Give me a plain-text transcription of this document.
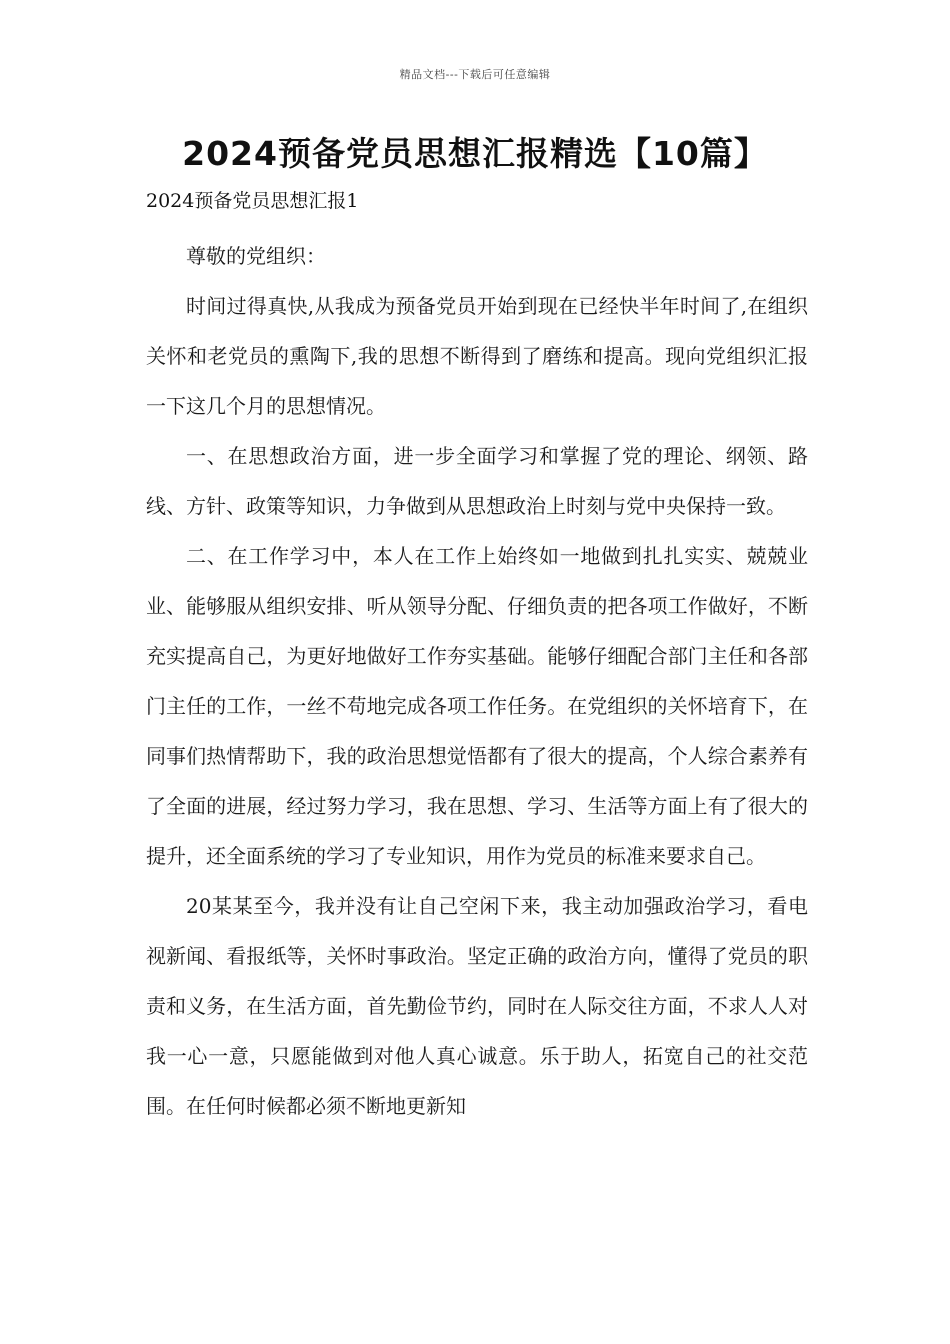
精品文档---下载后可任意编辑
2024预备党员思想汇报精选【10篇】
2024预备党员思想汇报1

尊敬的党组织：

时间过得真快,从我成为预备党员开始到现在已经快半年时间了,在组织关怀和老党员的熏陶下,我的思想不断得到了磨练和提高。现向党组织汇报一下这几个月的思想情况。

一、在思想政治方面，进一步全面学习和掌握了党的理论、纲领、路线、方针、政策等知识，力争做到从思想政治上时刻与党中央保持一致。

二、在工作学习中，本人在工作上始终如一地做到扎扎实实、兢兢业业、能够服从组织安排、听从领导分配、仔细负责的把各项工作做好，不断充实提高自己，为更好地做好工作夯实基础。能够仔细配合部门主任和各部门主任的工作，一丝不苟地完成各项工作任务。在党组织的关怀培育下，在同事们热情帮助下，我的政治思想觉悟都有了很大的提高，个人综合素养有了全面的进展，经过努力学习，我在思想、学习、生活等方面上有了很大的提升，还全面系统的学习了专业知识，用作为党员的标准来要求自己。

20某某至今，我并没有让自己空闲下来，我主动加强政治学习，看电视新闻、看报纸等，关怀时事政治。坚定正确的政治方向，懂得了党员的职责和义务，在生活方面，首先勤俭节约，同时在人际交往方面，不求人人对我一心一意，只愿能做到对他人真心诚意。乐于助人，拓宽自己的社交范围。在任何时候都必须不断地更新知
